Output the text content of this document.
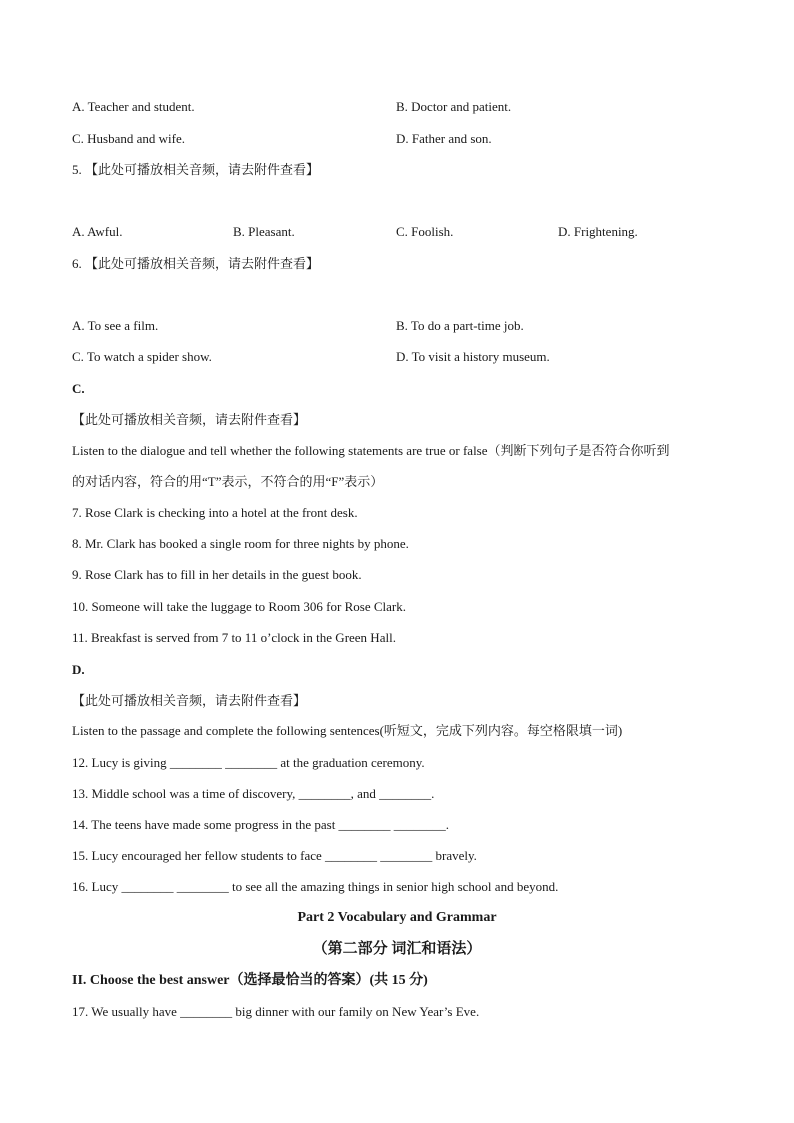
A. Teacher and student.	B. Doctor and patient.
C. Husband and wife.	D. Father and son.
5. 【此处可播放相关音频，请去附件查看】
A. Awful.	B. Pleasant.	C. Foolish.	D. Frightening.
6. 【此处可播放相关音频，请去附件查看】
A. To see a film.	B. To do a part-time job.
C. To watch a spider show.	D. To visit a history museum.
C.
【此处可播放相关音频，请去附件查看】
Listen to the dialogue and tell whether the following statements are true or false（判断下列句子是否符合你听到
的对话内容，符合的用“T”表示，不符合的用“F”表示）
7. Rose Clark is checking into a hotel at the front desk.
8. Mr. Clark has booked a single room for three nights by phone.
9. Rose Clark has to fill in her details in the guest book.
10. Someone will take the luggage to Room 306 for Rose Clark.
11. Breakfast is served from 7 to 11 o’clock in the Green Hall.
D.
【此处可播放相关音频，请去附件查看】
Listen to the passage and complete the following sentences(听短文，完成下列内容。每空格限填一词)
12. Lucy is giving ________ ________ at the graduation ceremony.
13. Middle school was a time of discovery, ________, and ________.
14. The teens have made some progress in the past ________ ________.
15. Lucy encouraged her fellow students to face ________ ________ bravely.
16. Lucy ________ ________ to see all the amazing things in senior high school and beyond.
Part 2 Vocabulary and Grammar
（第二部分 词汇和语法）
II. Choose the best answer（选择最恰当的答案）(共 15 分)
17. We usually have ________ big dinner with our family on New Year’s Eve.
